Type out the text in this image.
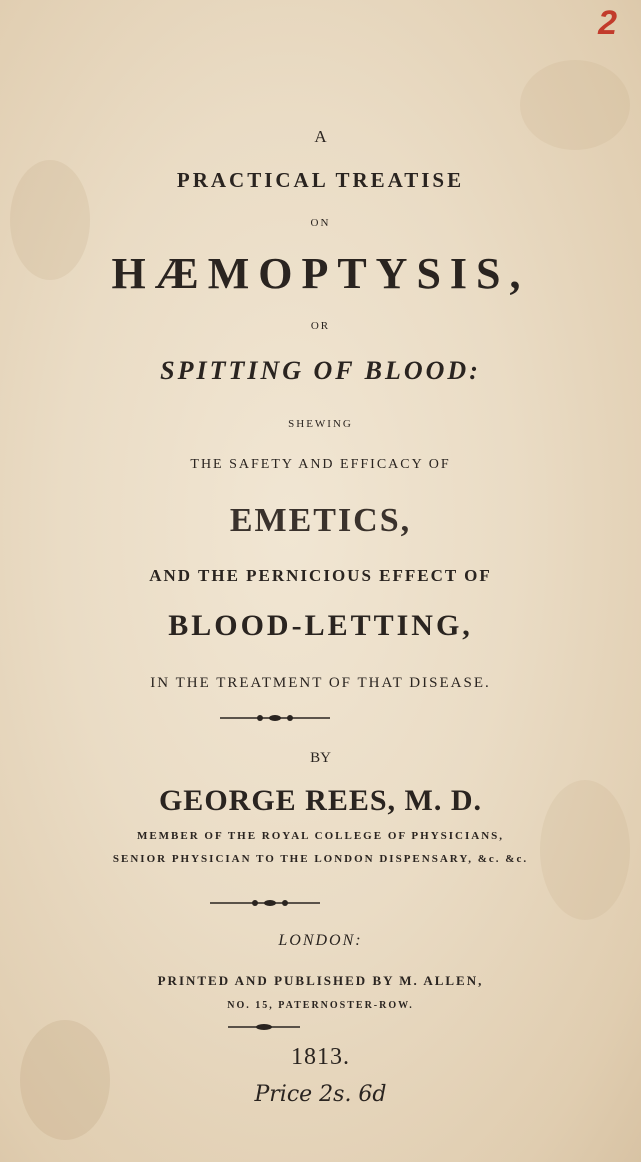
2
A
PRACTICAL TREATISE
ON
HÆMOPTYSIS,
OR
SPITTING OF BLOOD:
SHEWING
THE SAFETY AND EFFICACY OF
EMETICS,
AND THE PERNICIOUS EFFECT OF
BLOOD-LETTING,
IN THE TREATMENT OF THAT DISEASE.
BY
GEORGE REES, M. D.
MEMBER OF THE ROYAL COLLEGE OF PHYSICIANS,
SENIOR PHYSICIAN TO THE LONDON DISPENSARY, &c. &c.
LONDON:
PRINTED AND PUBLISHED BY M. ALLEN,
NO. 15, PATERNOSTER-ROW.
1813.
Price 2s. 6d
